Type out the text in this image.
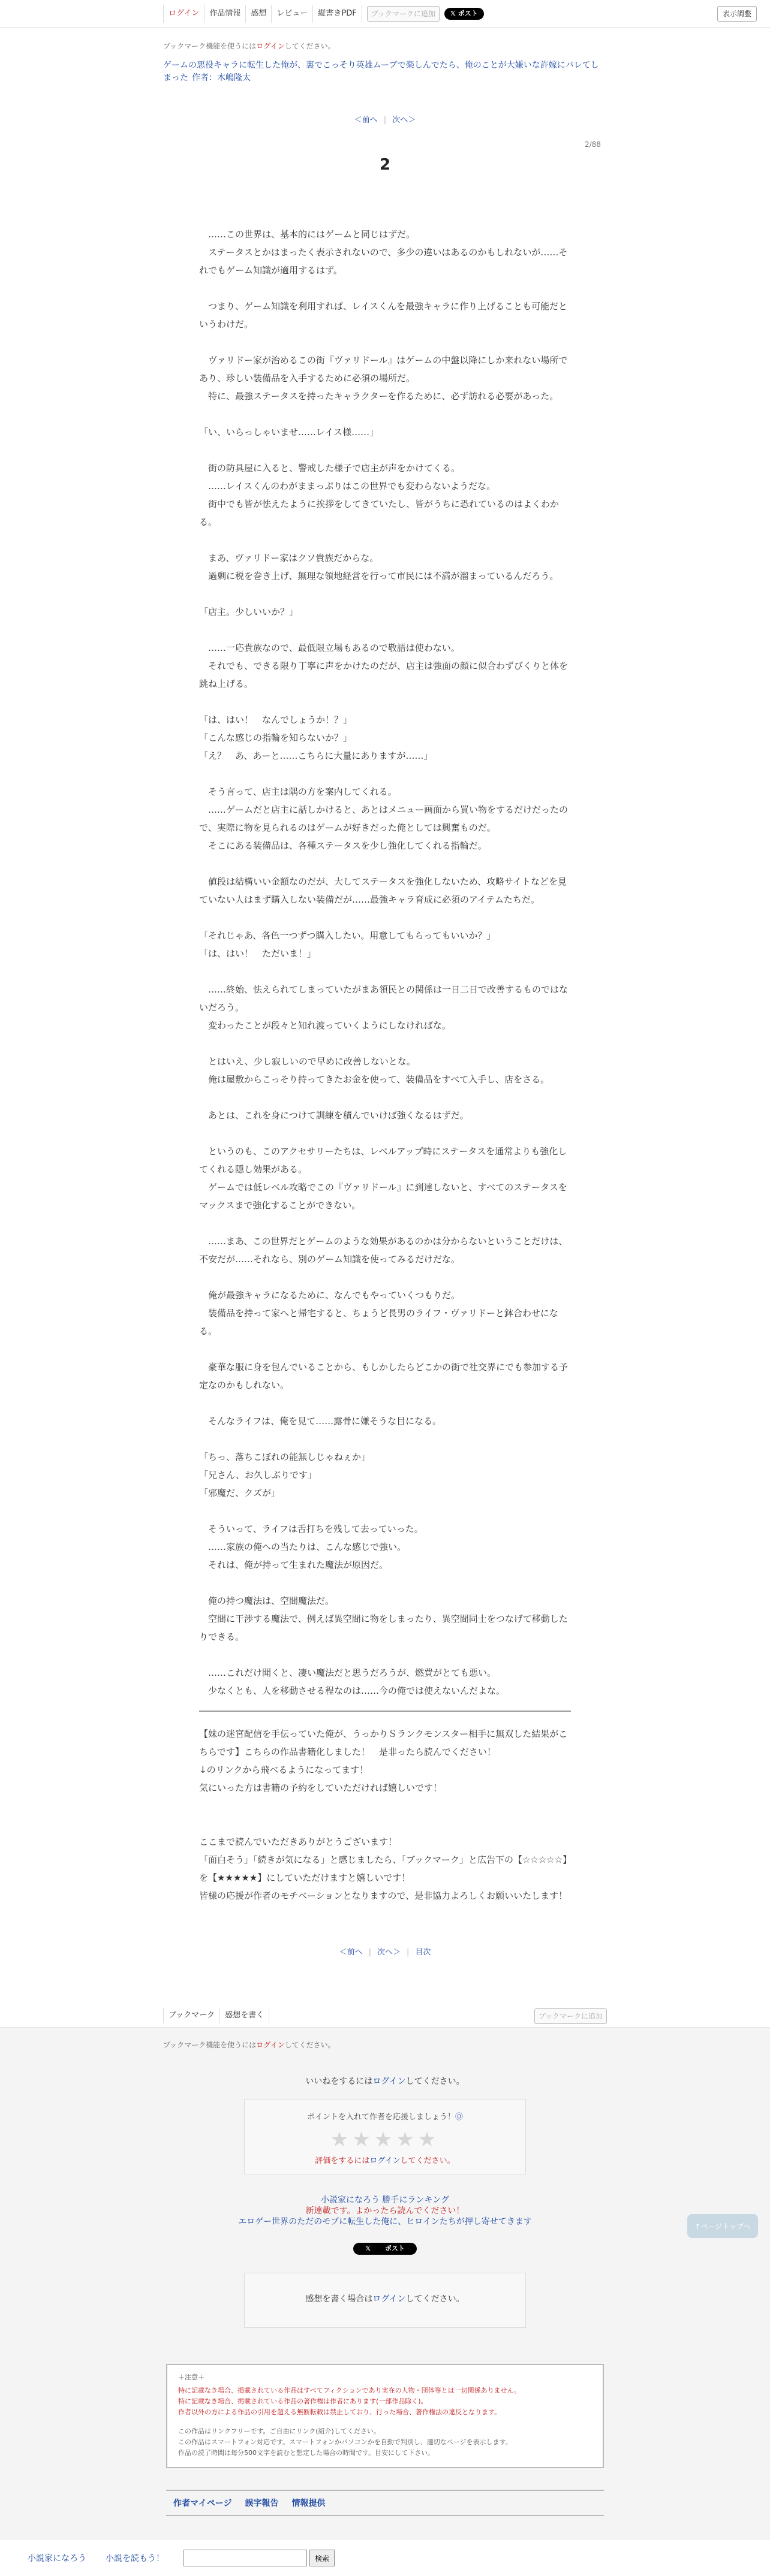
ログイン	作品情報	感想	レビュー	縦書きPDF	ブックマークに追加	𝕏 ポスト	表示調整
ブックマーク機能を使うにはログインしてください。
ゲームの悪役キャラに転生した俺が、裏でこっそり英雄ムーブで楽しんでたら、俺のことが大嫌いな許嫁にバレてしまった 作者：木嶋隆太
＜前へ | 次へ＞
2/88
2

　……この世界は、基本的にはゲームと同じはずだ。

　ステータスとかはまったく表示されないので、多少の違いはあるのかもしれないが……それでもゲーム知識が適用するはず。

　つまり、ゲーム知識を利用すれば、レイスくんを最強キャラに作り上げることも可能だというわけだ。

　ヴァリドー家が治めるこの街『ヴァリドール』はゲームの中盤以降にしか来れない場所であり、珍しい装備品を入手するために必須の場所だ。

　特に、最強ステータスを持ったキャラクターを作るために、必ず訪れる必要があった。

「い、いらっしゃいませ……レイス様……」

　街の防具屋に入ると、警戒した様子で店主が声をかけてくる。

　……レイスくんのわがままっぷりはこの世界でも変わらないようだな。

　街中でも皆が怯えたように挨拶をしてきていたし、皆がうちに恐れているのはよくわかる。

　まあ、ヴァリドー家はクソ貴族だからな。

　過剰に税を巻き上げ、無理な領地経営を行って市民には不満が溜まっているんだろう。

「店主。少しいいか？」

　……一応貴族なので、最低限立場もあるので敬語は使わない。

　それでも、できる限り丁寧に声をかけたのだが、店主は強面の顔に似合わずびくりと体を跳ね上げる。

「は、はい！　なんでしょうか！？」

「こんな感じの指輪を知らないか？」

「え？　あ、あーと……こちらに大量にありますが……」

　そう言って、店主は隅の方を案内してくれる。

　……ゲームだと店主に話しかけると、あとはメニュー画面から買い物をするだけだったので、実際に物を見られるのはゲームが好きだった俺としては興奮ものだ。

　そこにある装備品は、各種ステータスを少し強化してくれる指輪だ。

　値段は結構いい金額なのだが、大してステータスを強化しないため、攻略サイトなどを見ていない人はまず購入しない装備だが……最強キャラ育成に必須のアイテムたちだ。

「それじゃあ、各色一つずつ購入したい。用意してもらってもいいか？」

「は、はい！　ただいま！」

　……終始、怯えられてしまっていたがまあ領民との関係は一日二日で改善するものではないだろう。

　変わったことが段々と知れ渡っていくようにしなければな。

　とはいえ、少し寂しいので早めに改善しないとな。

　俺は屋敷からこっそり持ってきたお金を使って、装備品をすべて入手し、店をさる。

　あとは、これを身につけて訓練を積んでいけば強くなるはずだ。

　というのも、このアクセサリーたちは、レベルアップ時にステータスを通常よりも強化してくれる隠し効果がある。

　ゲームでは低レベル攻略でこの『ヴァリドール』に到達しないと、すべてのステータスをマックスまで強化することができない。

　……まあ、この世界だとゲームのような効果があるのかは分からないということだけは、不安だが……それなら、別のゲーム知識を使ってみるだけだな。

　俺が最強キャラになるために、なんでもやっていくつもりだ。

　装備品を持って家へと帰宅すると、ちょうど長男のライフ・ヴァリドーと鉢合わせになる。

　豪華な服に身を包んでいることから、もしかしたらどこかの街で社交界にでも参加する予定なのかもしれない。

　そんなライフは、俺を見て……露骨に嫌そうな目になる。

「ちっ、落ちこぼれの能無しじゃねぇか」

「兄さん、お久しぶりです」

「邪魔だ、クズが」

　そういって、ライフは舌打ちを残して去っていった。

　……家族の俺への当たりは、こんな感じで強い。

　それは、俺が持って生まれた魔法が原因だ。

　俺の持つ魔法は、空間魔法だ。

　空間に干渉する魔法で、例えば異空間に物をしまったり、異空間同士をつなげて移動したりできる。

　……これだけ聞くと、凄い魔法だと思うだろうが、燃費がとても悪い。

　少なくとも、人を移動させる程なのは……今の俺では使えないんだよな。

【妹の迷宮配信を手伝っていた俺が、うっかりＳランクモンスター相手に無双した結果がこちらです】こちらの作品書籍化しました！　是非ったら読んでください！

↓のリンクから飛べるようになってます！

気にいった方は書籍の予約をしていただければ嬉しいです！

ここまで読んでいただきありがとうございます！

「面白そう」「続きが気になる」と感じましたら、「ブックマーク」と広告下の【☆☆☆☆☆】を【★★★★★】にしていただけますと嬉しいです！

皆様の応援が作者のモチベーションとなりますので、是非協力よろしくお願いいたします！

＜前へ | 次へ＞ | 目次
ブックマーク	感想を書く	ブックマークに追加
ブックマーク機能を使うにはログインしてください。
いいねをするにはログインしてください。
ポイントを入れて作者を応援しましょう！⓪
★★★★★
評価をするにはログインしてください。
小説家になろう 勝手にランキング
新連載です。よかったら読んでください！
エロゲー世界のただのモブに転生した俺に、ヒロインたちが押し寄せてきます
𝕏 ポスト
感想を書く場合はログインしてください。
＋注意＋
特に記載なき場合、掲載されている作品はすべてフィクションであり実在の人物・団体等とは一切関係ありません。
特に記載なき場合、掲載されている作品の著作権は作者にあります(一部作品除く)。
作者以外の方による作品の引用を超える無断転載は禁止しており、行った場合、著作権法の違反となります。
この作品はリンクフリーです。ご自由にリンク(紹介)してください。
この作品はスマートフォン対応です。スマートフォンかパソコンかを自動で判別し、適切なページを表示します。
作品の読了時間は毎分500文字を読むと想定した場合の時間です。目安にして下さい。
作者マイページ 誤字報告 情報提供
小説家になろう 小説を読もう！	検索
↑ページトップへ
